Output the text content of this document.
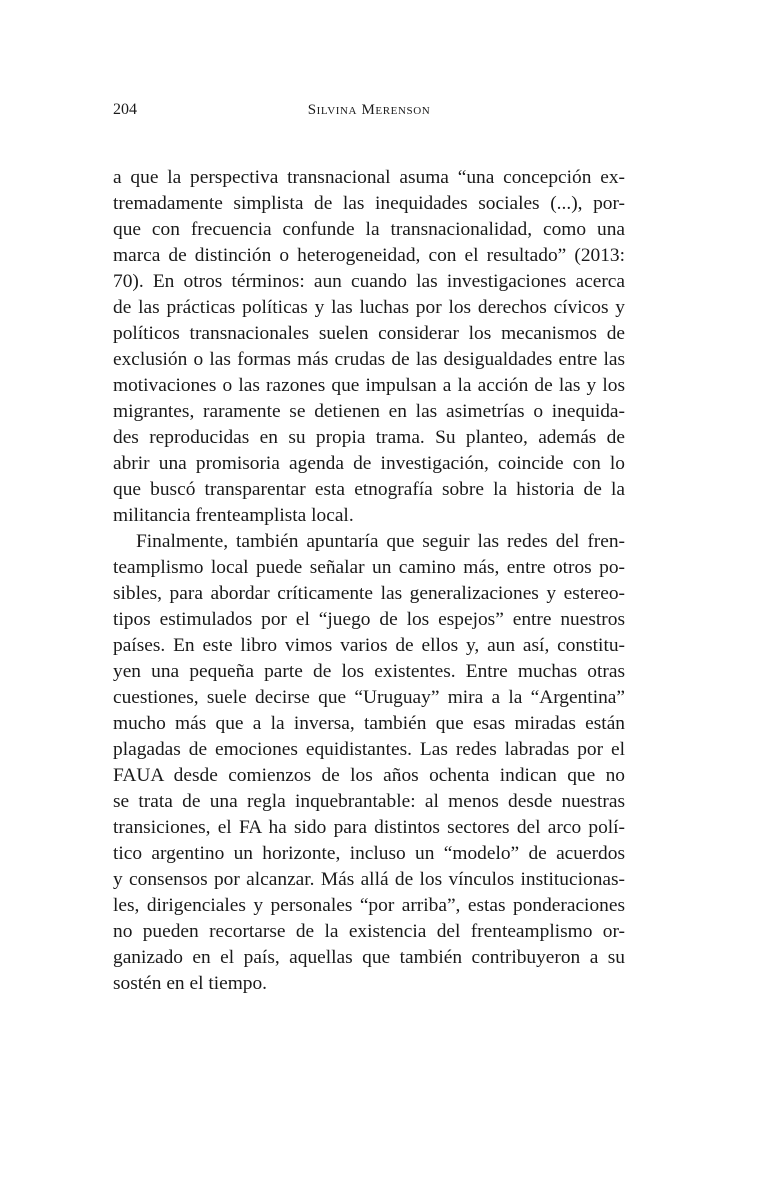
204	Silvina Merenson
a que la perspectiva transnacional asuma “una concepción ex-
tremadamente simplista de las inequidades sociales (...), por-
que con frecuencia confunde la transnacionalidad, como una
marca de distinción o heterogeneidad, con el resultado” (2013:
70). En otros términos: aun cuando las investigaciones acerca
de las prácticas políticas y las luchas por los derechos cívicos y
políticos transnacionales suelen considerar los mecanismos de
exclusión o las formas más crudas de las desigualdades entre las
motivaciones o las razones que impulsan a la acción de las y los
migrantes, raramente se detienen en las asimetrías o inequida-
des reproducidas en su propia trama. Su planteo, además de
abrir una promisoria agenda de investigación, coincide con lo
que buscó transparentar esta etnografía sobre la historia de la
militancia frenteamplista local.
Finalmente, también apuntaría que seguir las redes del fren-
teamplismo local puede señalar un camino más, entre otros po-
sibles, para abordar críticamente las generalizaciones y estereo-
tipos estimulados por el “juego de los espejos” entre nuestros
países. En este libro vimos varios de ellos y, aun así, constitu-
yen una pequeña parte de los existentes. Entre muchas otras
cuestiones, suele decirse que “Uruguay” mira a la “Argentina”
mucho más que a la inversa, también que esas miradas están
plagadas de emociones equidistantes. Las redes labradas por el
FAUA desde comienzos de los años ochenta indican que no
se trata de una regla inquebrantable: al menos desde nuestras
transiciones, el FA ha sido para distintos sectores del arco polí-
tico argentino un horizonte, incluso un “modelo” de acuerdos
y consensos por alcanzar. Más allá de los vínculos institucionas-
les, dirigenciales y personales “por arriba”, estas ponderaciones
no pueden recortarse de la existencia del frenteamplismo or-
ganizado en el país, aquellas que también contribuyeron a su
sostén en el tiempo.
